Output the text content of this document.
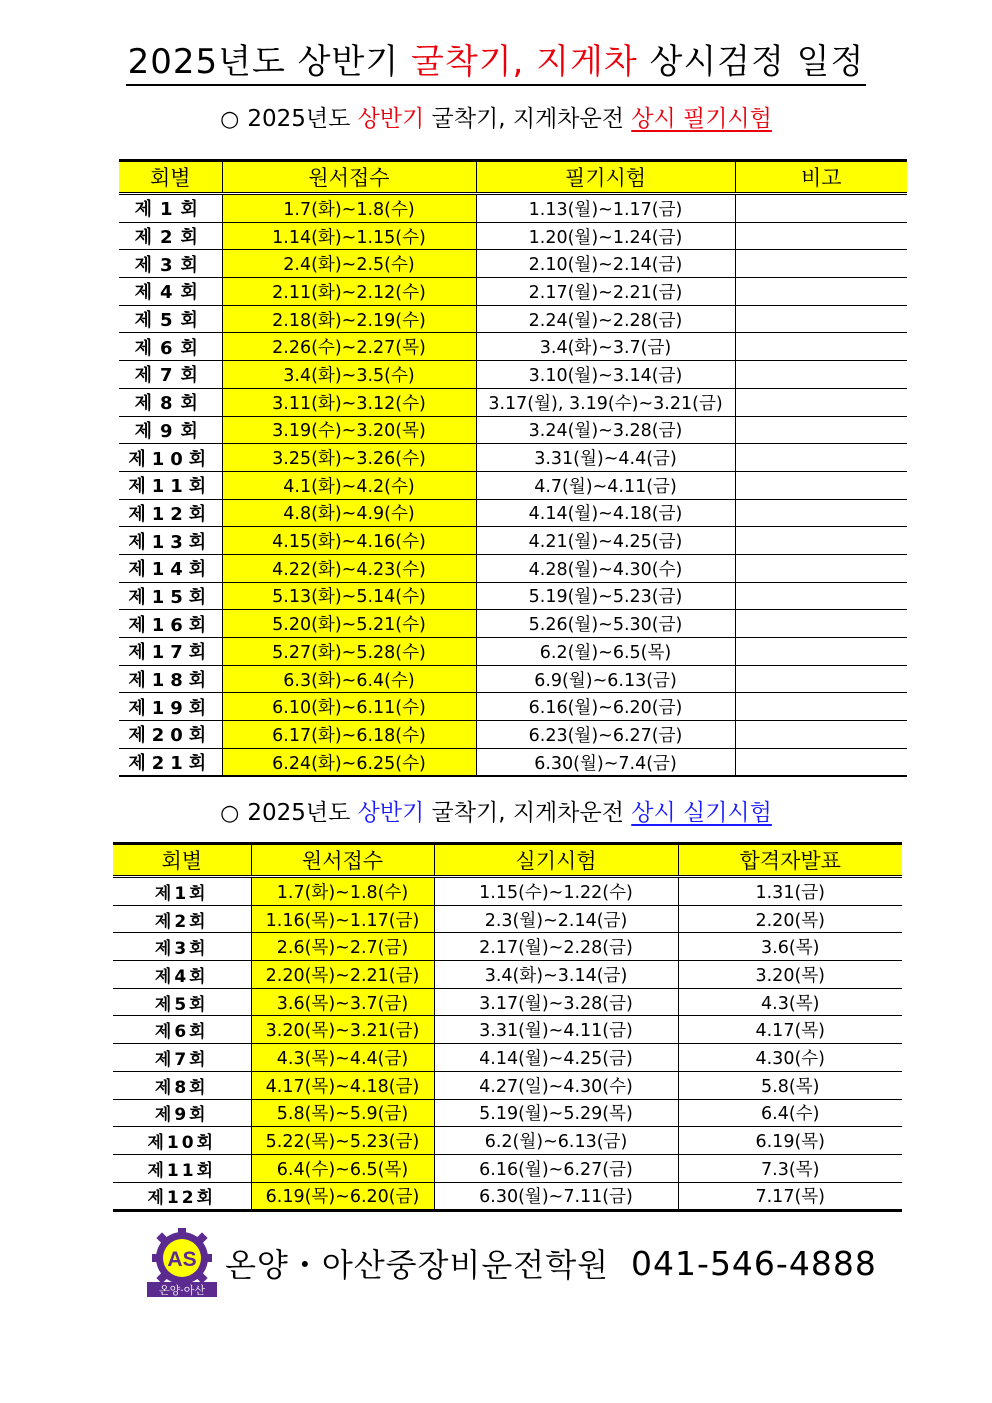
2025년도 상반기 굴착기, 지게차 상시검정 일정
○ 2025년도 상반기 굴착기, 지게차운전 상시 필기시험
회별	원서접수	필기시험	비고
제1회	1.7(화)~1.8(수)	1.13(월)~1.17(금)	
제2회	1.14(화)~1.15(수)	1.20(월)~1.24(금)	
제3회	2.4(화)~2.5(수)	2.10(월)~2.14(금)	
제4회	2.11(화)~2.12(수)	2.17(월)~2.21(금)	
제5회	2.18(화)~2.19(수)	2.24(월)~2.28(금)	
제6회	2.26(수)~2.27(목)	3.4(화)~3.7(금)	
제7회	3.4(화)~3.5(수)	3.10(월)~3.14(금)	
제8회	3.11(화)~3.12(수)	3.17(월), 3.19(수)~3.21(금)	
제9회	3.19(수)~3.20(목)	3.24(월)~3.28(금)	
제10회	3.25(화)~3.26(수)	3.31(월)~4.4(금)	
제11회	4.1(화)~4.2(수)	4.7(월)~4.11(금)	
제12회	4.8(화)~4.9(수)	4.14(월)~4.18(금)	
제13회	4.15(화)~4.16(수)	4.21(월)~4.25(금)	
제14회	4.22(화)~4.23(수)	4.28(월)~4.30(수)	
제15회	5.13(화)~5.14(수)	5.19(월)~5.23(금)	
제16회	5.20(화)~5.21(수)	5.26(월)~5.30(금)	
제17회	5.27(화)~5.28(수)	6.2(월)~6.5(목)	
제18회	6.3(화)~6.4(수)	6.9(월)~6.13(금)	
제19회	6.10(화)~6.11(수)	6.16(월)~6.20(금)	
제20회	6.17(화)~6.18(수)	6.23(월)~6.27(금)	
제21회	6.24(화)~6.25(수)	6.30(월)~7.4(금)	
○ 2025년도 상반기 굴착기, 지게차운전 상시 실기시험
회별	원서접수	실기시험	합격자발표
제1회	1.7(화)~1.8(수)	1.15(수)~1.22(수)	1.31(금)
제2회	1.16(목)~1.17(금)	2.3(월)~2.14(금)	2.20(목)
제3회	2.6(목)~2.7(금)	2.17(월)~2.28(금)	3.6(목)
제4회	2.20(목)~2.21(금)	3.4(화)~3.14(금)	3.20(목)
제5회	3.6(목)~3.7(금)	3.17(월)~3.28(금)	4.3(목)
제6회	3.20(목)~3.21(금)	3.31(월)~4.11(금)	4.17(목)
제7회	4.3(목)~4.4(금)	4.14(월)~4.25(금)	4.30(수)
제8회	4.17(목)~4.18(금)	4.27(일)~4.30(수)	5.8(목)
제9회	5.8(목)~5.9(금)	5.19(월)~5.29(목)	6.4(수)
제10회	5.22(목)~5.23(금)	6.2(월)~6.13(금)	6.19(목)
제11회	6.4(수)~6.5(목)	6.16(월)~6.27(금)	7.3(목)
제12회	6.19(목)~6.20(금)	6.30(월)~7.11(금)	7.17(목)
AS
온양·아산
온양・아산중장비운전학원 041-546-4888
